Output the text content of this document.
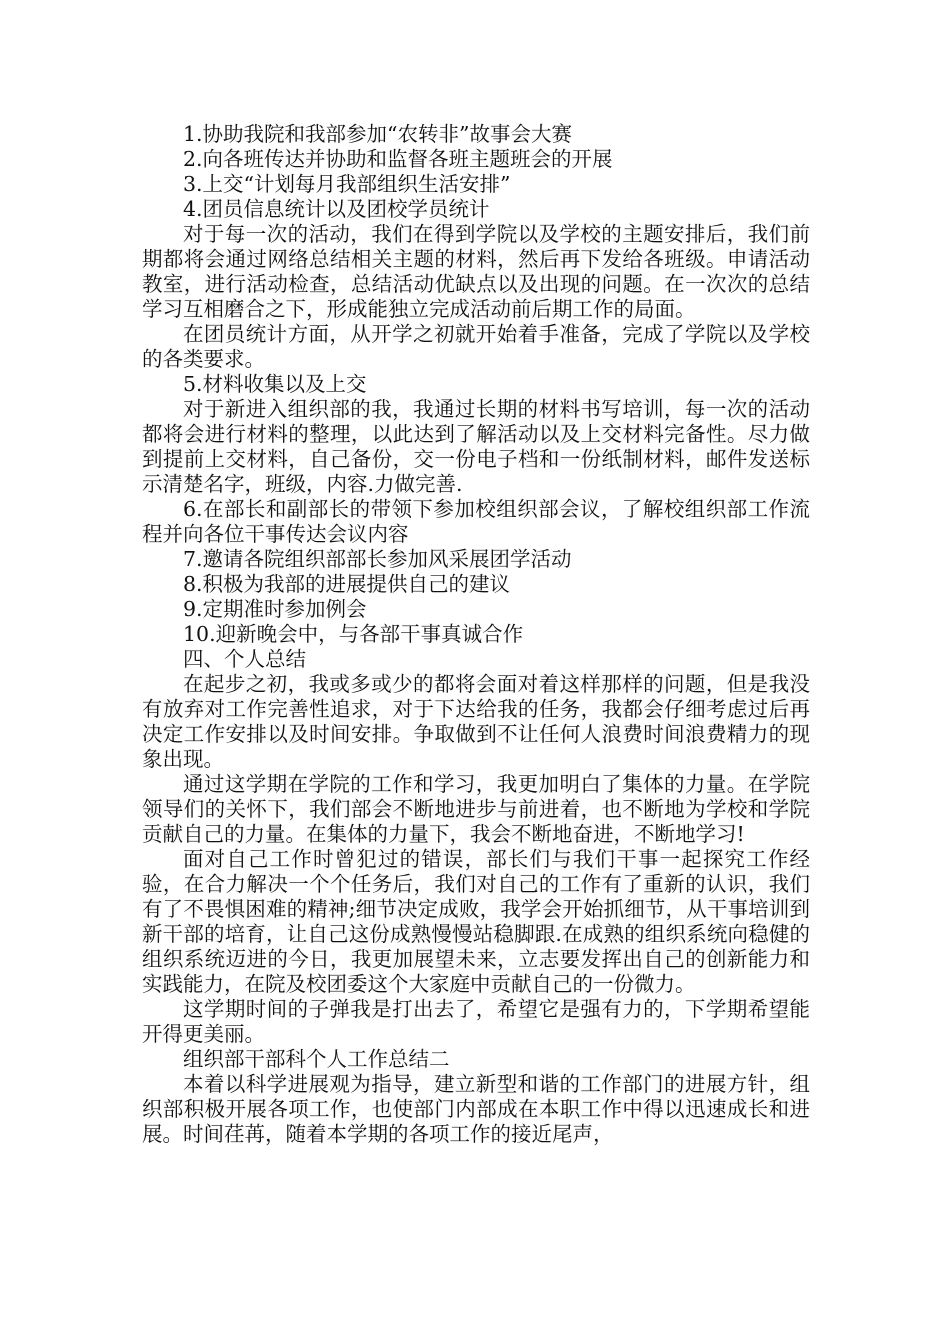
1.协助我院和我部参加“农转非”故事会大赛

2.向各班传达并协助和监督各班主题班会的开展

3.上交“计划每月我部组织生活安排”

4.团员信息统计以及团校学员统计

对于每一次的活动，我们在得到学院以及学校的主题安排后，我们前期都将会通过网络总结相关主题的材料，然后再下发给各班级。申请活动教室，进行活动检查，总结活动优缺点以及出现的问题。在一次次的总结学习互相磨合之下，形成能独立完成活动前后期工作的局面。

在团员统计方面，从开学之初就开始着手准备，完成了学院以及学校的各类要求。

5.材料收集以及上交

对于新进入组织部的我，我通过长期的材料书写培训，每一次的活动都将会进行材料的整理，以此达到了解活动以及上交材料完备性。尽力做到提前上交材料，自己备份，交一份电子档和一份纸制材料，邮件发送标示清楚名字，班级，内容.力做完善.

6.在部长和副部长的带领下参加校组织部会议，了解校组织部工作流程并向各位干事传达会议内容

7.邀请各院组织部部长参加风采展团学活动

8.积极为我部的进展提供自己的建议

9.定期准时参加例会

10.迎新晚会中，与各部干事真诚合作

四、个人总结

在起步之初，我或多或少的都将会面对着这样那样的问题，但是我没有放弃对工作完善性追求，对于下达给我的任务，我都会仔细考虑过后再决定工作安排以及时间安排。争取做到不让任何人浪费时间浪费精力的现象出现。

通过这学期在学院的工作和学习，我更加明白了集体的力量。在学院领导们的关怀下，我们部会不断地进步与前进着，也不断地为学校和学院贡献自己的力量。在集体的力量下，我会不断地奋进，不断地学习!

面对自己工作时曾犯过的错误，部长们与我们干事一起探究工作经验，在合力解决一个个任务后，我们对自己的工作有了重新的认识，我们有了不畏惧困难的精神;细节决定成败，我学会开始抓细节，从干事培训到新干部的培育，让自己这份成熟慢慢站稳脚跟.在成熟的组织系统向稳健的组织系统迈进的今日，我更加展望未来，立志要发挥出自己的创新能力和实践能力，在院及校团委这个大家庭中贡献自己的一份微力。

这学期时间的子弹我是打出去了，希望它是强有力的，下学期希望能开得更美丽。

组织部干部科个人工作总结二

本着以科学进展观为指导，建立新型和谐的工作部门的进展方针，组织部积极开展各项工作，也使部门内部成在本职工作中得以迅速成长和进展。时间荏苒，随着本学期的各项工作的接近尾声，
